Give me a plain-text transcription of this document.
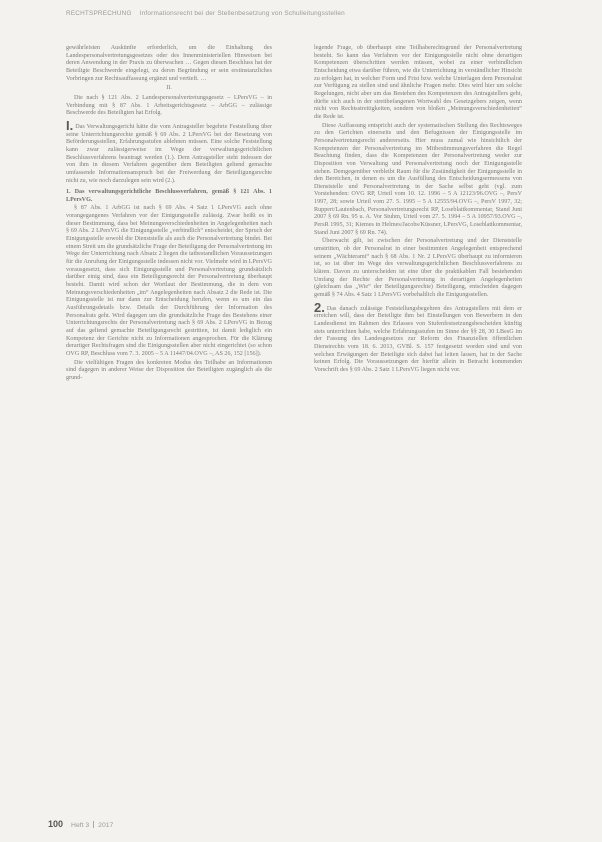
RECHTSPRECHUNG Informationsrecht bei der Stellenbesetzung von Schulleitungsstellen

gewährleisten Auskünfte erforderlich, um die Einhaltung des Landespersonalvertretungsgesetzes oder des Innenministeriellen Hinweisen bei deren Anwendung in der Praxis zu überwachen … Gegen diesen Beschluss hat der Beteiligte Beschwerde eingelegt, zu deren Begründung er sein erstinstanzliches Vorbringen zur Rechtsauffassung ergänzt und vertieft. …

II.

Die nach § 121 Abs. 2 Landespersonalvertretungsgesetz – LPersVG – in Verbindung mit § 87 Abs. 1 Arbeitsgerichtsgesetz – ArbGG – zulässige Beschwerde des Beteiligten hat Erfolg.

I. Das Verwaltungsgericht hätte die vom Antragsteller begehrte Feststellung über seine Unterrichtungsrechte gemäß § 69 Abs. 2 LPersVG bei der Besetzung von Beförderungsstellen, Erfahrungsstufen ablehnen müssen. Eine solche Feststellung kann zwar zulässigerweise im Wege der verwaltungsgerichtlichen Beschlussverfahrens beantragt werden (1.). Dem Antragsteller steht indessen der von ihm in diesem Verfahren gegenüber dem Beteiligten geltend gemachte umfassende Informationsanspruch bei der Freiwerdung der Beteiligungsrechte nicht zu, wie noch darzulegen sein wird (2.).

1. Das verwaltungsgerichtliche Beschlussverfahren, gemäß § 121 Abs. 1 LPersVG.

§ 87 Abs. 1 ArbGG ist nach § 69 Abs. 4 Satz 1 LPersVG auch ohne vorangegangenes Verfahren vor der Einigungsstelle zulässig. Zwar heißt es in dieser Bestimmung, dass bei Meinungsverschiedenheiten in Angelegenheiten nach § 69 Abs. 2 LPersVG die Einigungsstelle „verbindlich“ entscheidet, der Spruch der Einigungsstelle sowohl die Dienststelle als auch die Personalvertretung bindet. Bei einem Streit um die grundsätzliche Frage der Beteiligung der Personalvertretung im Wege der Unterrichtung nach Absatz 2 liegen die tatbestandlichen Voraussetzungen für die Anrufung der Einigungsstelle indessen nicht vor. Vielmehr wird in LPersVG vorausgesetzt, dass sich Einigungsstelle und Personalvertretung grundsätzlich darüber einig sind, dass ein Beteiligungsrecht der Personalvertretung überhaupt besteht. Damit wird schon der Wortlaut der Bestimmung, die in dem von Meinungsverschiedenheiten „im“ Angelegenheiten nach Absatz 2 die Rede ist. Die Einigungsstelle ist nur dann zur Entscheidung berufen, wenn es um ein das Ausführungsdetails bzw. Details der Durchführung der Information des Personalrats geht. Wird dagegen um die grundsätzliche Frage des Bestehens einer Unterrichtungsrechts der Personalvertretung nach § 69 Abs. 2 LPersVG in Bezug auf das geltend gemachte Beteiligungsrecht gestritten, ist damit lediglich ein Kompetenz der Gerichte nicht zu Informationen angesprochen. Für die Klärung derartiger Rechtsfragen sind die Einigungsstellen aber nicht eingerichtet (so schon OVG RP, Beschluss vom 7. 3. 2005 – 5 A 11447/04.OVG –, AS 26, 152 [156]).

Die vielfältigen Fragen des konkreten Modus des Teilhabe an Informationen sind dagegen in anderer Weise der Disposition der Beteiligten zugänglich als die grund-

legende Frage, ob überhaupt eine Teilhaberechtsgrund der Personalvertretung besteht. So kann das Verfahren vor der Einigungsstelle nicht ohne derartigen Kompetenzen überschritten werden müssen, wobei zu einer verbindlichen Entscheidung etwa darüber führen, wie die Unterrichtung in verständlicher Hinsicht zu erfolgen hat, in welcher Form und Frist bzw. welche Unterlagen dem Personalrat zur Verfügung zu stellen sind und ähnliche Fragen mehr. Dies wird hier um solche Regelungen, nicht aber um das Bestehen des Kompetenzen des Antragstellers geht, dürfte sich auch in der streitbefangenen Wortwahl des Gesetzgebers zeigen, wenn nicht von Rechtsstreitigkeiten, sondern von bloßen „Meinungsverschiedenheiten“ die Rede ist.

Diese Auffassung entspricht auch der systematischen Stellung des Rechtsweges zu den Gerichten einerseits und den Befugnissen der Einigungsstelle im Personalvertretungsrecht andererseits. Hier muss zumal wie hinsichtlich der Kompetenzen der Personalvertretung im Mitbestimmungsverfahren die Regel Beachtung finden, dass die Kompetenzen der Personalvertretung weder zur Disposition von Verwaltung und Personalvertretung noch der Einigungsstelle stehen. Demgegenüber verbleibt Raum für die Zuständigkeit der Einigungsstelle in den Bereichen, in denen es um die Ausfüllung des Entscheidungsermessens von Dienststelle und Personalvertretung in der Sache selbst geht (vgl. zum Vorstehenden: OVG RP, Urteil vom 10. 12. 1996 – 5 A 12123/96.OVG –, PersV 1997, 28; sowie Urteil vom 27. 5. 1995 – 5 A 12555/94.OVG –, PersV 1997, 32; Ruppert/Lautenbach, Personalvertretungsrecht RP, Loseblattkommentar, Stand Juni 2007 § 69 Rn. 95 u. A. Vor Stuhm, Urteil vom 27. 5. 1994 – 5 A 10957/93.OVG –, PersR 1995, 31; Kiemes in Helmes/Jacobs/Küssner, LPersVG, Loseblattkommentar, Stand Juni 2007 § 69 Rn. 74).

Überwacht gilt, ist zwischen der Personalvertretung und der Dienststelle umstritten, ob der Personalrat in einer bestimmten Angelegenheit entsprechend seinem „Wächteramt“ nach § 68 Abs. 1 Nr. 2 LPersVG überhaupt zu informieren ist, so ist über im Wege des verwaltungsgerichtlichen Beschlussverfahrens zu klären. Davon zu unterscheiden ist eine über die praktikablen Fall bestehenden Umfang der Rechte der Personalvertretung in derartigen Angelegenheiten (gleichsam das „Wie“ der Beteiligungsrechte) Beteiligung, entscheiden dagegen gemäß § 74 Abs. 4 Satz 1 LPersVG vorbehaltlich die Einigungsstellen.

2. Das danach zulässige Feststellungsbegehren des Antragstellers mit dem er erreichen will, dass der Beteiligte ihm bei Einstellungen von Bewerbern in den Landesdienst im Rahmen des Erlasses von Stufenfestsetzungsbescheiden künftig stets unterrichten habe, welche Erfahrungsstufen im Sinne der §§ 28, 30 LBesG im der Fassung des Landesgesetzes zur Reform des Finanziellen öffentlichen Dienstrechts vom 18. 6. 2013, GVBl. S. 157 festgesetzt worden sind und von welchen Erwägungen der Beteiligte sich dabei hat leiten lassen, hat in der Sache keinen Erfolg. Die Voraussetzungen der hierfür allein in Betracht kommenden Vorschrift des § 69 Abs. 2 Satz 1 LPersVG liegen nicht vor.

100 Heft 3 2017
